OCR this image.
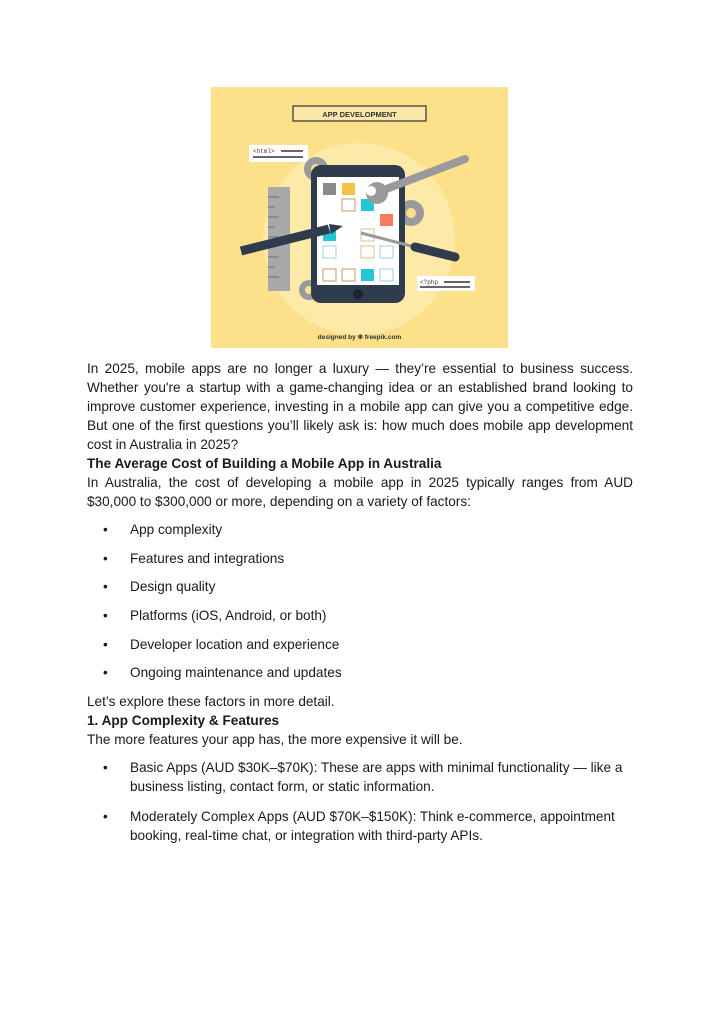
APP DEVELOPMENT
<html>
<?php
designed by ❄ freepik.com

In 2025, mobile apps are no longer a luxury — they’re essential to business success. Whether you're a startup with a game-changing idea or an established brand looking to improve customer experience, investing in a mobile app can give you a competitive edge. But one of the first questions you’ll likely ask is: how much does mobile app development cost in Australia in 2025?

The Average Cost of Building a Mobile App in Australia

In Australia, the cost of developing a mobile app in 2025 typically ranges from AUD $30,000 to $300,000 or more, depending on a variety of factors:

• App complexity
• Features and integrations
• Design quality
• Platforms (iOS, Android, or both)
• Developer location and experience
• Ongoing maintenance and updates

Let’s explore these factors in more detail.

1. App Complexity & Features

The more features your app has, the more expensive it will be.

• Basic Apps (AUD $30K–$70K): These are apps with minimal functionality — like a business listing, contact form, or static information.
• Moderately Complex Apps (AUD $70K–$150K): Think e-commerce, appointment booking, real-time chat, or integration with third-party APIs.
